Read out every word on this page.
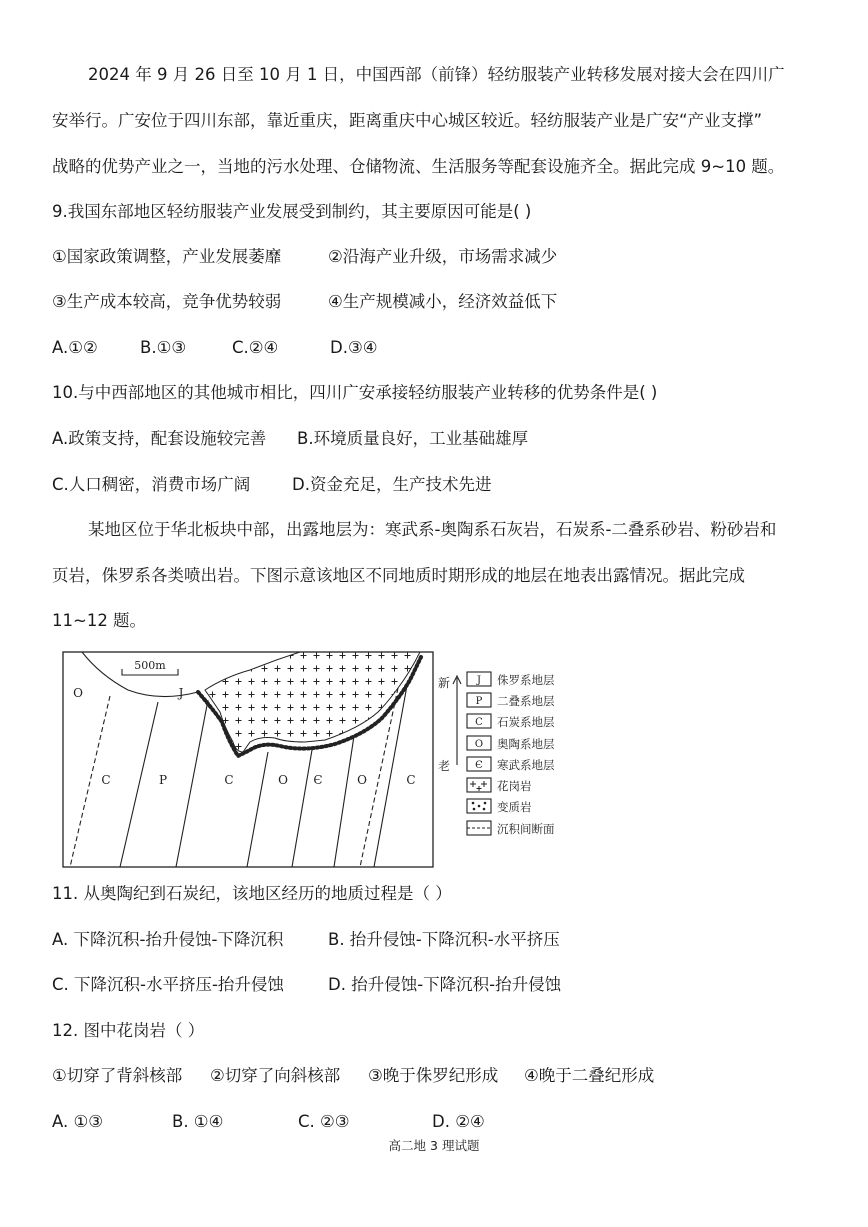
2024 年 9 月 26 日至 10 月 1 日，中国西部（前锋）轻纺服装产业转移发展对接大会在四川广
安举行。广安位于四川东部，靠近重庆，距离重庆中心城区较近。轻纺服装产业是广安“产业支撑”
战略的优势产业之一，当地的污水处理、仓储物流、生活服务等配套设施齐全。据此完成 9~10 题。
9.我国东部地区轻纺服装产业发展受到制约，其主要原因可能是( )
①国家政策调整，产业发展萎靡	②沿海产业升级，市场需求减少
③生产成本较高，竞争优势较弱	④生产规模减小，经济效益低下
A.①②	B.①③	C.②④	D.③④
10.与中西部地区的其他城市相比，四川广安承接轻纺服装产业转移的优势条件是( )
A.政策支持，配套设施较完善 B.环境质量良好，工业基础雄厚
C.人口稠密，消费市场广阔	D.资金充足，生产技术先进
某地区位于华北板块中部，出露地层为：寒武系-奥陶系石灰岩，石炭系-二叠系砂岩、粉砂岩和
页岩，侏罗系各类喷出岩。下图示意该地区不同地质时期形成的地层在地表出露情况。据此完成
11~12 题。
500m
O	J
C	P	C	O Є	O	C
新
老
J
P
C
O
Є
侏罗系地层
二叠系地层
石炭系地层
奥陶系地层
寒武系地层
花岗岩
变质岩
沉积间断面
11. 从奥陶纪到石炭纪，该地区经历的地质过程是（ ）
A. 下降沉积-抬升侵蚀-下降沉积	B. 抬升侵蚀-下降沉积-水平挤压
C. 下降沉积-水平挤压-抬升侵蚀	D. 抬升侵蚀-下降沉积-抬升侵蚀
12. 图中花岗岩（ ）
①切穿了背斜核部 ②切穿了向斜核部 ③晚于侏罗纪形成 ④晚于二叠纪形成
A. ①③	B. ①④	C. ②③	D. ②④
高二地 3 理试题
